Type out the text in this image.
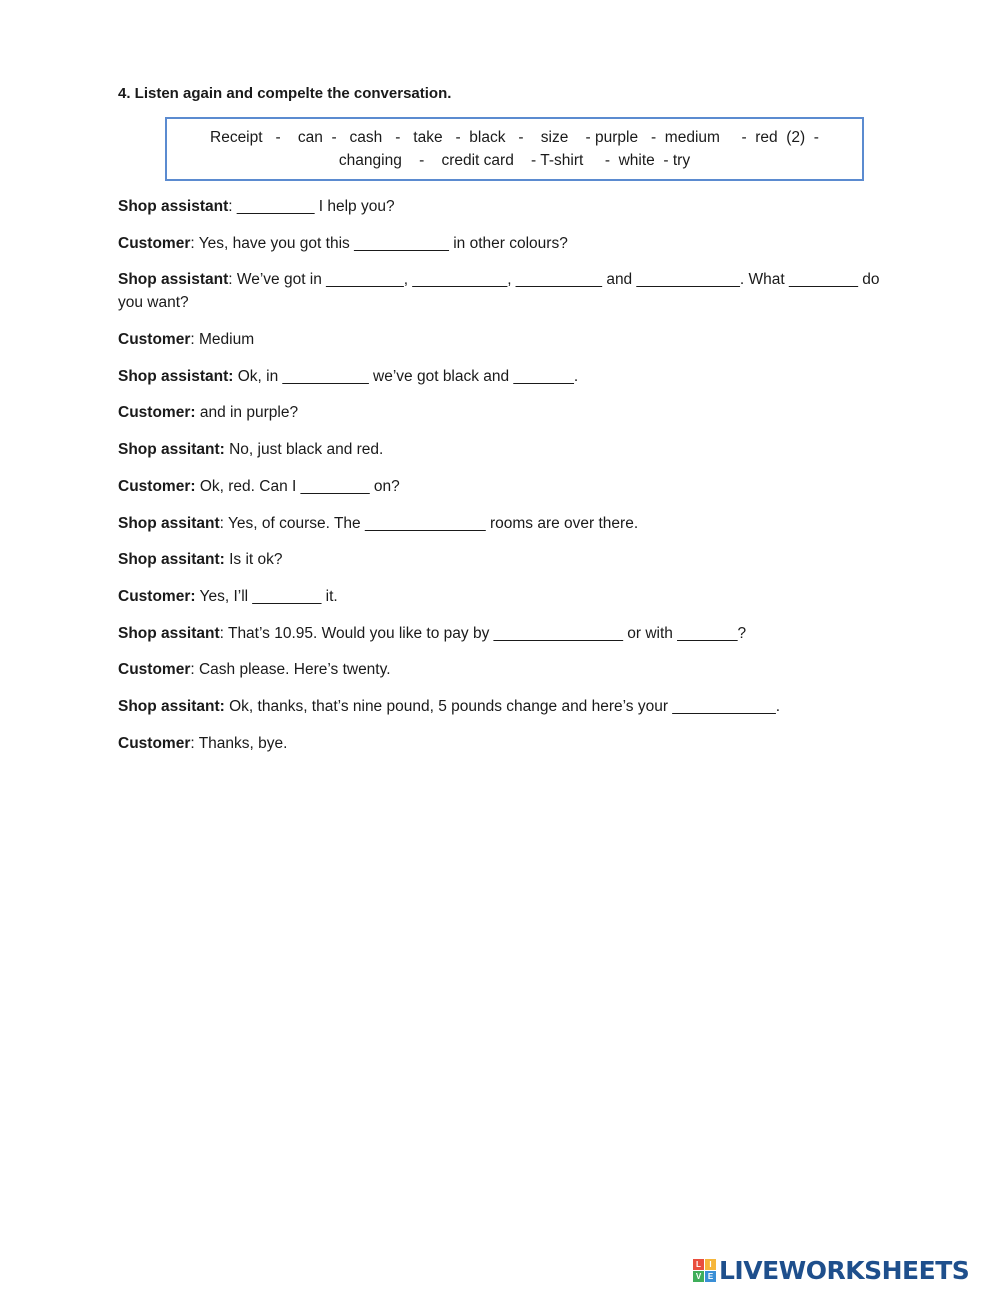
4. Listen again and compelte the conversation.
Receipt   -    can  -   cash   -   take   -  black   -    size    - purple   -  medium     -  red  (2)  -
changing    -    credit card    - T-shirt     -  white  - try
Shop assistant: _________ I help you?
Customer: Yes, have you got this ___________ in other colours?
Shop assistant: We’ve got in _________, ___________, __________ and ____________. What ________ do you want?
Customer: Medium
Shop assistant: Ok, in __________ we’ve got black and _______.
Customer: and in purple?
Shop assitant: No, just black and red.
Customer: Ok, red. Can I ________ on?
Shop assitant: Yes, of course. The ______________ rooms are over there.
Shop assitant: Is it ok?
Customer: Yes, I’ll ________ it.
Shop assitant: That’s 10.95. Would you like to pay by _______________ or with _______?
Customer: Cash please. Here’s twenty.
Shop assitant: Ok, thanks, that’s nine pound, 5 pounds change and here’s your ____________.
Customer: Thanks, bye.
L	I
V E LIVEWORKSHEETS
